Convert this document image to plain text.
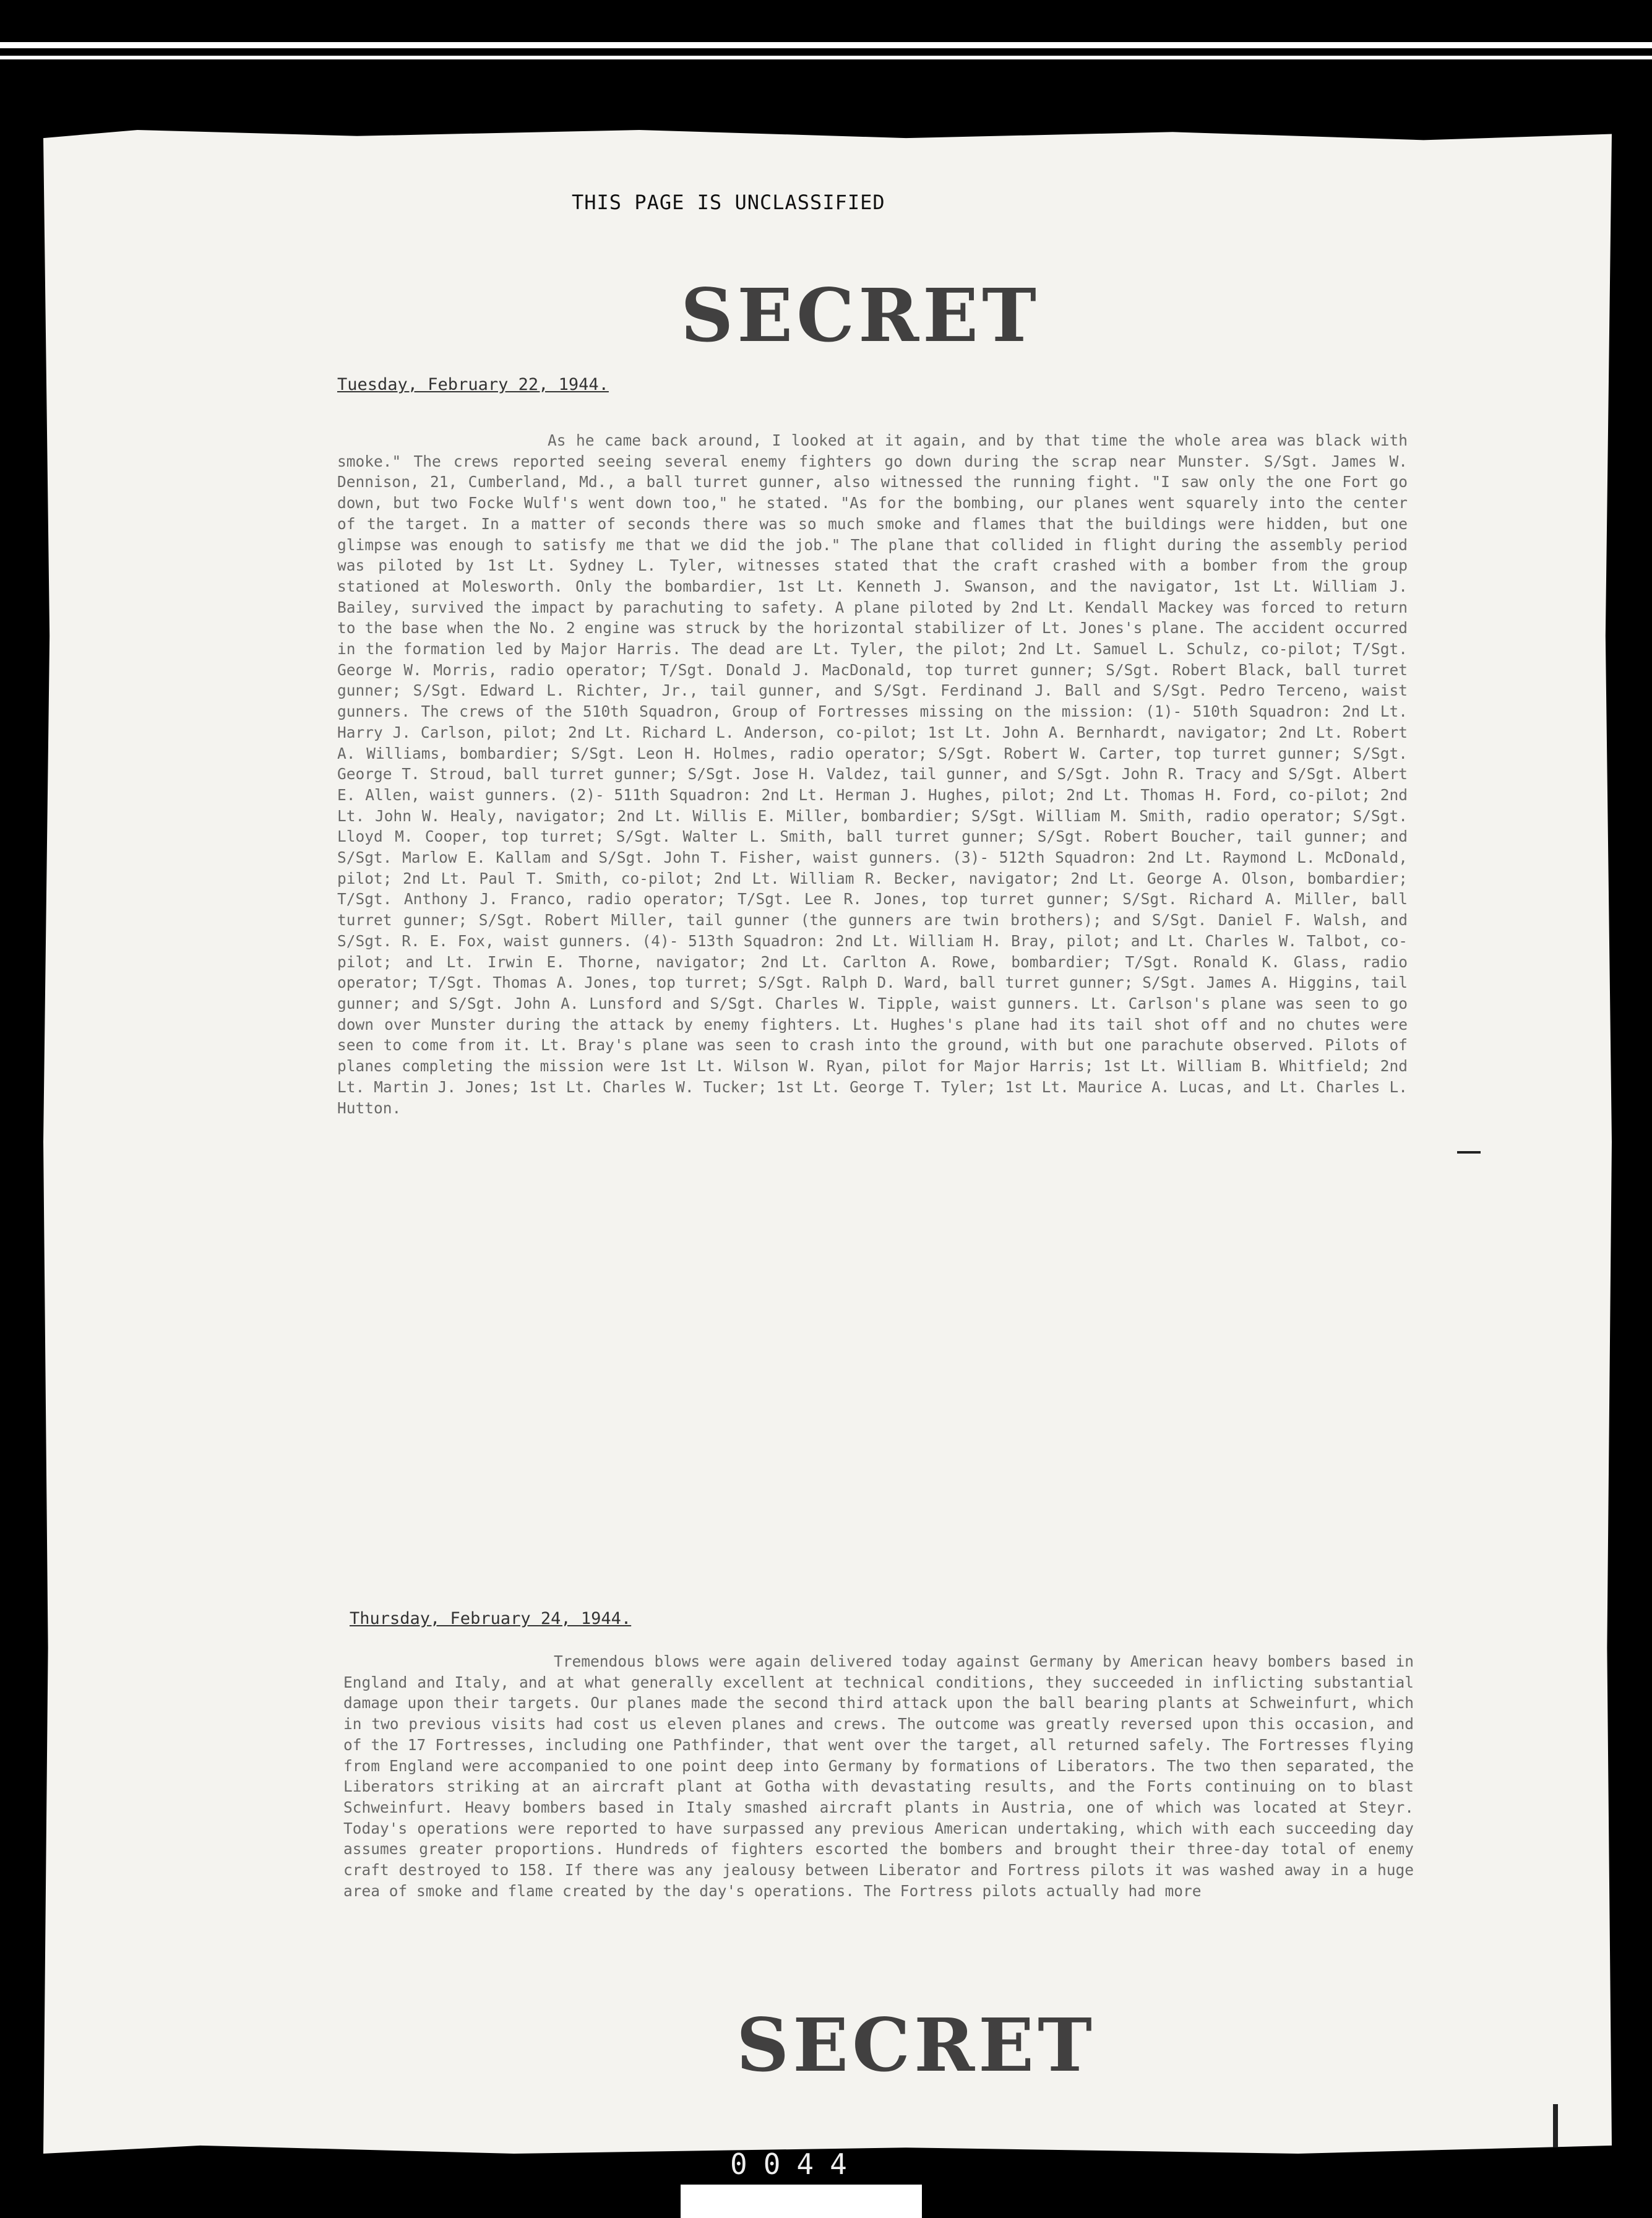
THIS PAGE IS UNCLASSIFIED
SECRET
Tuesday, February 22, 1944.

As he came back around, I looked at it again, and by that time the whole area was black with smoke." The crews reported seeing several enemy fighters go down during the scrap near Munster. S/Sgt. James W. Dennison, 21, Cumberland, Md., a ball turret gunner, also witnessed the running fight. "I saw only the one Fort go down, but two Focke Wulf's went down too," he stated. "As for the bombing, our planes went squarely into the center of the target. In a matter of seconds there was so much smoke and flames that the buildings were hidden, but one glimpse was enough to satisfy me that we did the job." The plane that collided in flight during the assembly period was piloted by 1st Lt. Sydney L. Tyler, witnesses stated that the craft crashed with a bomber from the group stationed at Molesworth. Only the bombardier, 1st Lt. Kenneth J. Swanson, and the navigator, 1st Lt. William J. Bailey, survived the impact by parachuting to safety. A plane piloted by 2nd Lt. Kendall Mackey was forced to return to the base when the No. 2 engine was struck by the horizontal stabilizer of Lt. Jones's plane. The accident occurred in the formation led by Major Harris. The dead are Lt. Tyler, the pilot; 2nd Lt. Samuel L. Schulz, co-pilot; T/Sgt. George W. Morris, radio operator; T/Sgt. Donald J. MacDonald, top turret gunner; S/Sgt. Robert Black, ball turret gunner; S/Sgt. Edward L. Richter, Jr., tail gunner, and S/Sgt. Ferdinand J. Ball and S/Sgt. Pedro Terceno, waist gunners. The crews of the 510th Squadron, Group of Fortresses missing on the mission: (1)- 510th Squadron: 2nd Lt. Harry J. Carlson, pilot; 2nd Lt. Richard L. Anderson, co-pilot; 1st Lt. John A. Bernhardt, navigator; 2nd Lt. Robert A. Williams, bombardier; S/Sgt. Leon H. Holmes, radio operator; S/Sgt. Robert W. Carter, top turret gunner; S/Sgt. George T. Stroud, ball turret gunner; S/Sgt. Jose H. Valdez, tail gunner, and S/Sgt. John R. Tracy and S/Sgt. Albert E. Allen, waist gunners. (2)- 511th Squadron: 2nd Lt. Herman J. Hughes, pilot; 2nd Lt. Thomas H. Ford, co-pilot; 2nd Lt. John W. Healy, navigator; 2nd Lt. Willis E. Miller, bombardier; S/Sgt. William M. Smith, radio operator; S/Sgt. Lloyd M. Cooper, top turret; S/Sgt. Walter L. Smith, ball turret gunner; S/Sgt. Robert Boucher, tail gunner; and S/Sgt. Marlow E. Kallam and S/Sgt. John T. Fisher, waist gunners. (3)- 512th Squadron: 2nd Lt. Raymond L. McDonald, pilot; 2nd Lt. Paul T. Smith, co-pilot; 2nd Lt. William R. Becker, navigator; 2nd Lt. George A. Olson, bombardier; T/Sgt. Anthony J. Franco, radio operator; T/Sgt. Lee R. Jones, top turret gunner; S/Sgt. Richard A. Miller, ball turret gunner; S/Sgt. Robert Miller, tail gunner (the gunners are twin brothers); and S/Sgt. Daniel F. Walsh, and S/Sgt. R. E. Fox, waist gunners. (4)- 513th Squadron: 2nd Lt. William H. Bray, pilot; and Lt. Charles W. Talbot, co-pilot; and Lt. Irwin E. Thorne, navigator; 2nd Lt. Carlton A. Rowe, bombardier; T/Sgt. Ronald K. Glass, radio operator; T/Sgt. Thomas A. Jones, top turret; S/Sgt. Ralph D. Ward, ball turret gunner; S/Sgt. James A. Higgins, tail gunner; and S/Sgt. John A. Lunsford and S/Sgt. Charles W. Tipple, waist gunners. Lt. Carlson's plane was seen to go down over Munster during the attack by enemy fighters. Lt. Hughes's plane had its tail shot off and no chutes were seen to come from it. Lt. Bray's plane was seen to crash into the ground, with but one parachute observed. Pilots of planes completing the mission were 1st Lt. Wilson W. Ryan, pilot for Major Harris; 1st Lt. William B. Whitfield; 2nd Lt. Martin J. Jones; 1st Lt. Charles W. Tucker; 1st Lt. George T. Tyler; 1st Lt. Maurice A. Lucas, and Lt. Charles L. Hutton.

Thursday, February 24, 1944.

Tremendous blows were again delivered today against Germany by American heavy bombers based in England and Italy, and at what generally excellent at technical conditions, they succeeded in inflicting substantial damage upon their targets. Our planes made the second third attack upon the ball bearing plants at Schweinfurt, which in two previous visits had cost us eleven planes and crews. The outcome was greatly reversed upon this occasion, and of the 17 Fortresses, including one Pathfinder, that went over the target, all returned safely. The Fortresses flying from England were accompanied to one point deep into Germany by formations of Liberators. The two then separated, the Liberators striking at an aircraft plant at Gotha with devastating results, and the Forts continuing on to blast Schweinfurt. Heavy bombers based in Italy smashed aircraft plants in Austria, one of which was located at Steyr. Today's operations were reported to have surpassed any previous American undertaking, which with each succeeding day assumes greater proportions. Hundreds of fighters escorted the bombers and brought their three-day total of enemy craft destroyed to 158. If there was any jealousy between Liberator and Fortress pilots it was washed away in a huge area of smoke and flame created by the day's operations. The Fortress pilots actually had more

SECRET
0044
